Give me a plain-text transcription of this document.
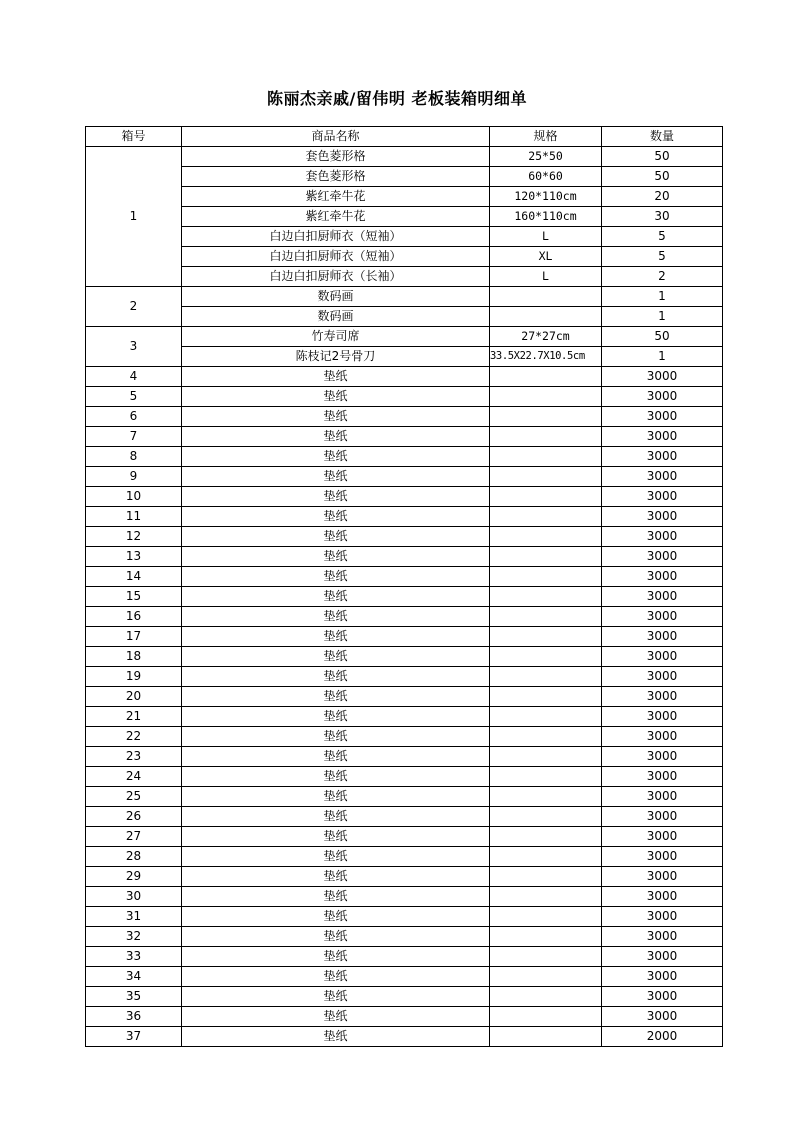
陈丽杰亲戚/留伟明 老板装箱明细单
箱号	商品名称	规格	数量
1	套色菱形格	25*50	50
	套色菱形格	60*60	50
	紫红牵牛花	120*110cm	20
	紫红牵牛花	160*110cm	30
	白边白扣厨师衣（短袖）	L	5
	白边白扣厨师衣（短袖）	XL	5
	白边白扣厨师衣（长袖）	L	2
2	数码画		1
	数码画		1
3	竹寿司席	27*27cm	50
	陈枝记2号骨刀	33.5X22.7X10.5cm	1
4	垫纸		3000
5	垫纸		3000
6	垫纸		3000
7	垫纸		3000
8	垫纸		3000
9	垫纸		3000
10	垫纸		3000
11	垫纸		3000
12	垫纸		3000
13	垫纸		3000
14	垫纸		3000
15	垫纸		3000
16	垫纸		3000
17	垫纸		3000
18	垫纸		3000
19	垫纸		3000
20	垫纸		3000
21	垫纸		3000
22	垫纸		3000
23	垫纸		3000
24	垫纸		3000
25	垫纸		3000
26	垫纸		3000
27	垫纸		3000
28	垫纸		3000
29	垫纸		3000
30	垫纸		3000
31	垫纸		3000
32	垫纸		3000
33	垫纸		3000
34	垫纸		3000
35	垫纸		3000
36	垫纸		3000
37	垫纸		2000
